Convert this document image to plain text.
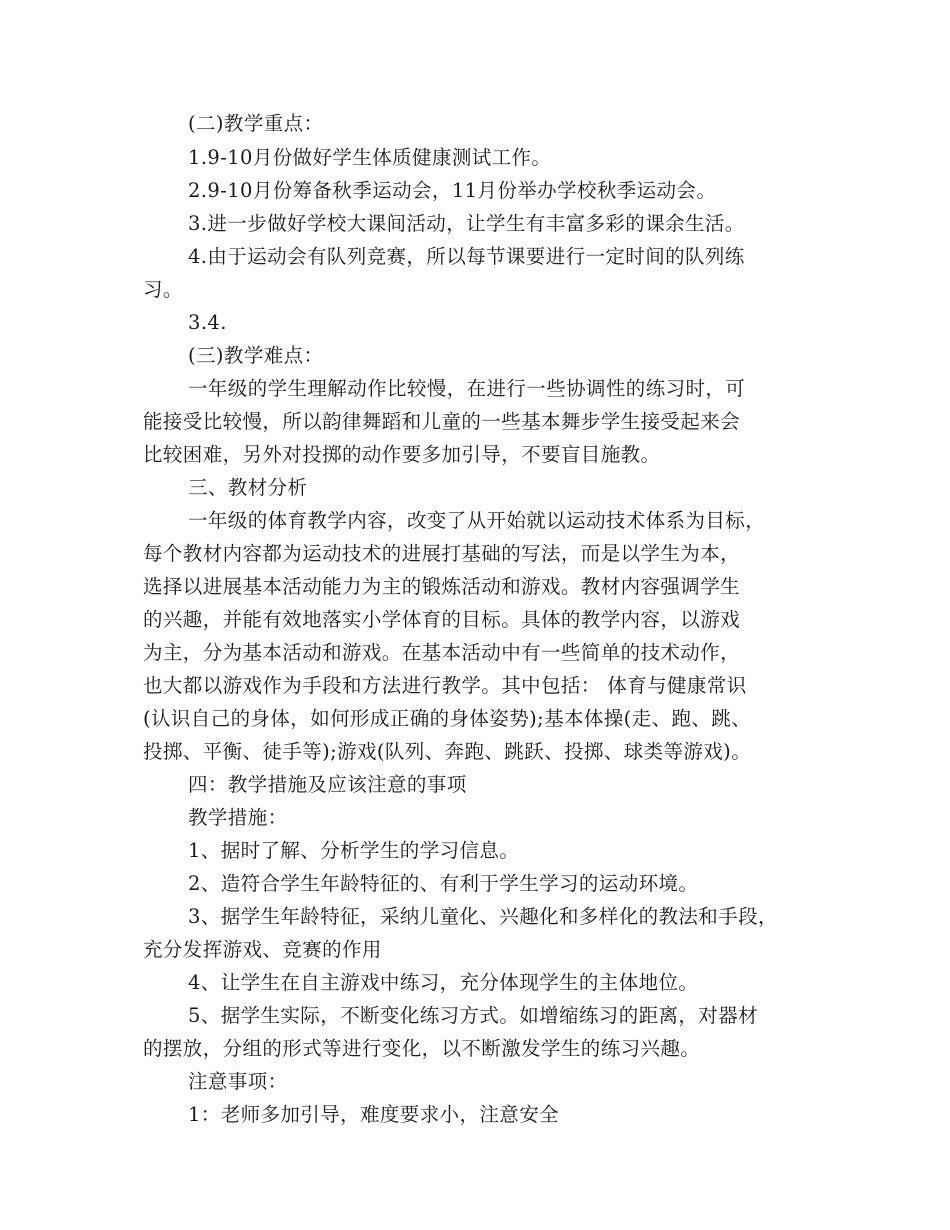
(二)教学重点：

1.9-10月份做好学生体质健康测试工作。

2.9-10月份筹备秋季运动会，11月份举办学校秋季运动会。

3.进一步做好学校大课间活动，让学生有丰富多彩的课余生活。

4.由于运动会有队列竞赛，所以每节课要进行一定时间的队列练

习。

3.4.

(三)教学难点：

一年级的学生理解动作比较慢，在进行一些协调性的练习时，可

能接受比较慢，所以韵律舞蹈和儿童的一些基本舞步学生接受起来会

比较困难，另外对投掷的动作要多加引导，不要盲目施教。

三、教材分析

一年级的体育教学内容，改变了从开始就以运动技术体系为目标，

每个教材内容都为运动技术的进展打基础的写法，而是以学生为本，

选择以进展基本活动能力为主的锻炼活动和游戏。教材内容强调学生

的兴趣，并能有效地落实小学体育的目标。具体的教学内容，以游戏

为主，分为基本活动和游戏。在基本活动中有一些简单的技术动作，

也大都以游戏作为手段和方法进行教学。其中包括： 体育与健康常识

(认识自己的身体，如何形成正确的身体姿势);基本体操(走、跑、跳、

投掷、平衡、徒手等);游戏(队列、奔跑、跳跃、投掷、球类等游戏)。

四：教学措施及应该注意的事项

教学措施：

1、据时了解、分析学生的学习信息。

2、造符合学生年龄特征的、有利于学生学习的运动环境。

3、据学生年龄特征，采纳儿童化、兴趣化和多样化的教法和手段，

充分发挥游戏、竞赛的作用

4、让学生在自主游戏中练习，充分体现学生的主体地位。

5、据学生实际，不断变化练习方式。如增缩练习的距离，对器材

的摆放，分组的形式等进行变化，以不断激发学生的练习兴趣。

注意事项：

1：老师多加引导，难度要求小，注意安全
